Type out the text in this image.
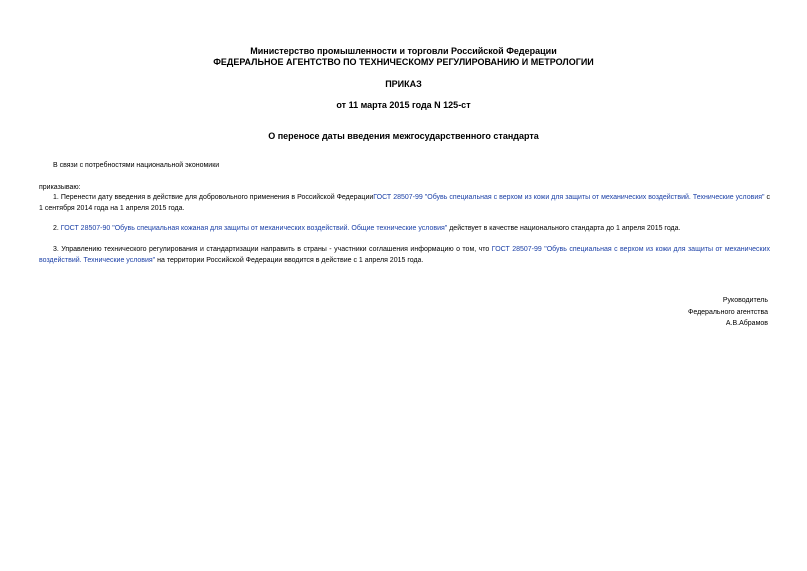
Министерство промышленности и торговли Российской Федерации
ФЕДЕРАЛЬНОЕ АГЕНТСТВО ПО ТЕХНИЧЕСКОМУ РЕГУЛИРОВАНИЮ И МЕТРОЛОГИИ
ПРИКАЗ
от 11 марта 2015 года N 125-ст
О переносе даты введения межгосударственного стандарта
В связи с потребностями национальной экономики
приказываю:
1. Перенести дату введения в действие для добровольного применения в Российской ФедерацииГОСТ 28507-99 "Обувь специальная с верхом из кожи для защиты от механических воздействий. Технические условия" с 1 сентября 2014 года на 1 апреля 2015 года.
2. ГОСТ 28507-90 "Обувь специальная кожаная для защиты от механических воздействий. Общие технические условия" действует в качестве национального стандарта до 1 апреля 2015 года.
3. Управлению технического регулирования и стандартизации направить в страны - участники соглашения информацию о том, что ГОСТ 28507-99 "Обувь специальная с верхом из кожи для защиты от механических воздействий. Технические условия" на территории Российской Федерации вводится в действие с 1 апреля 2015 года.
Руководитель
Федерального агентства
А.В.Абрамов
